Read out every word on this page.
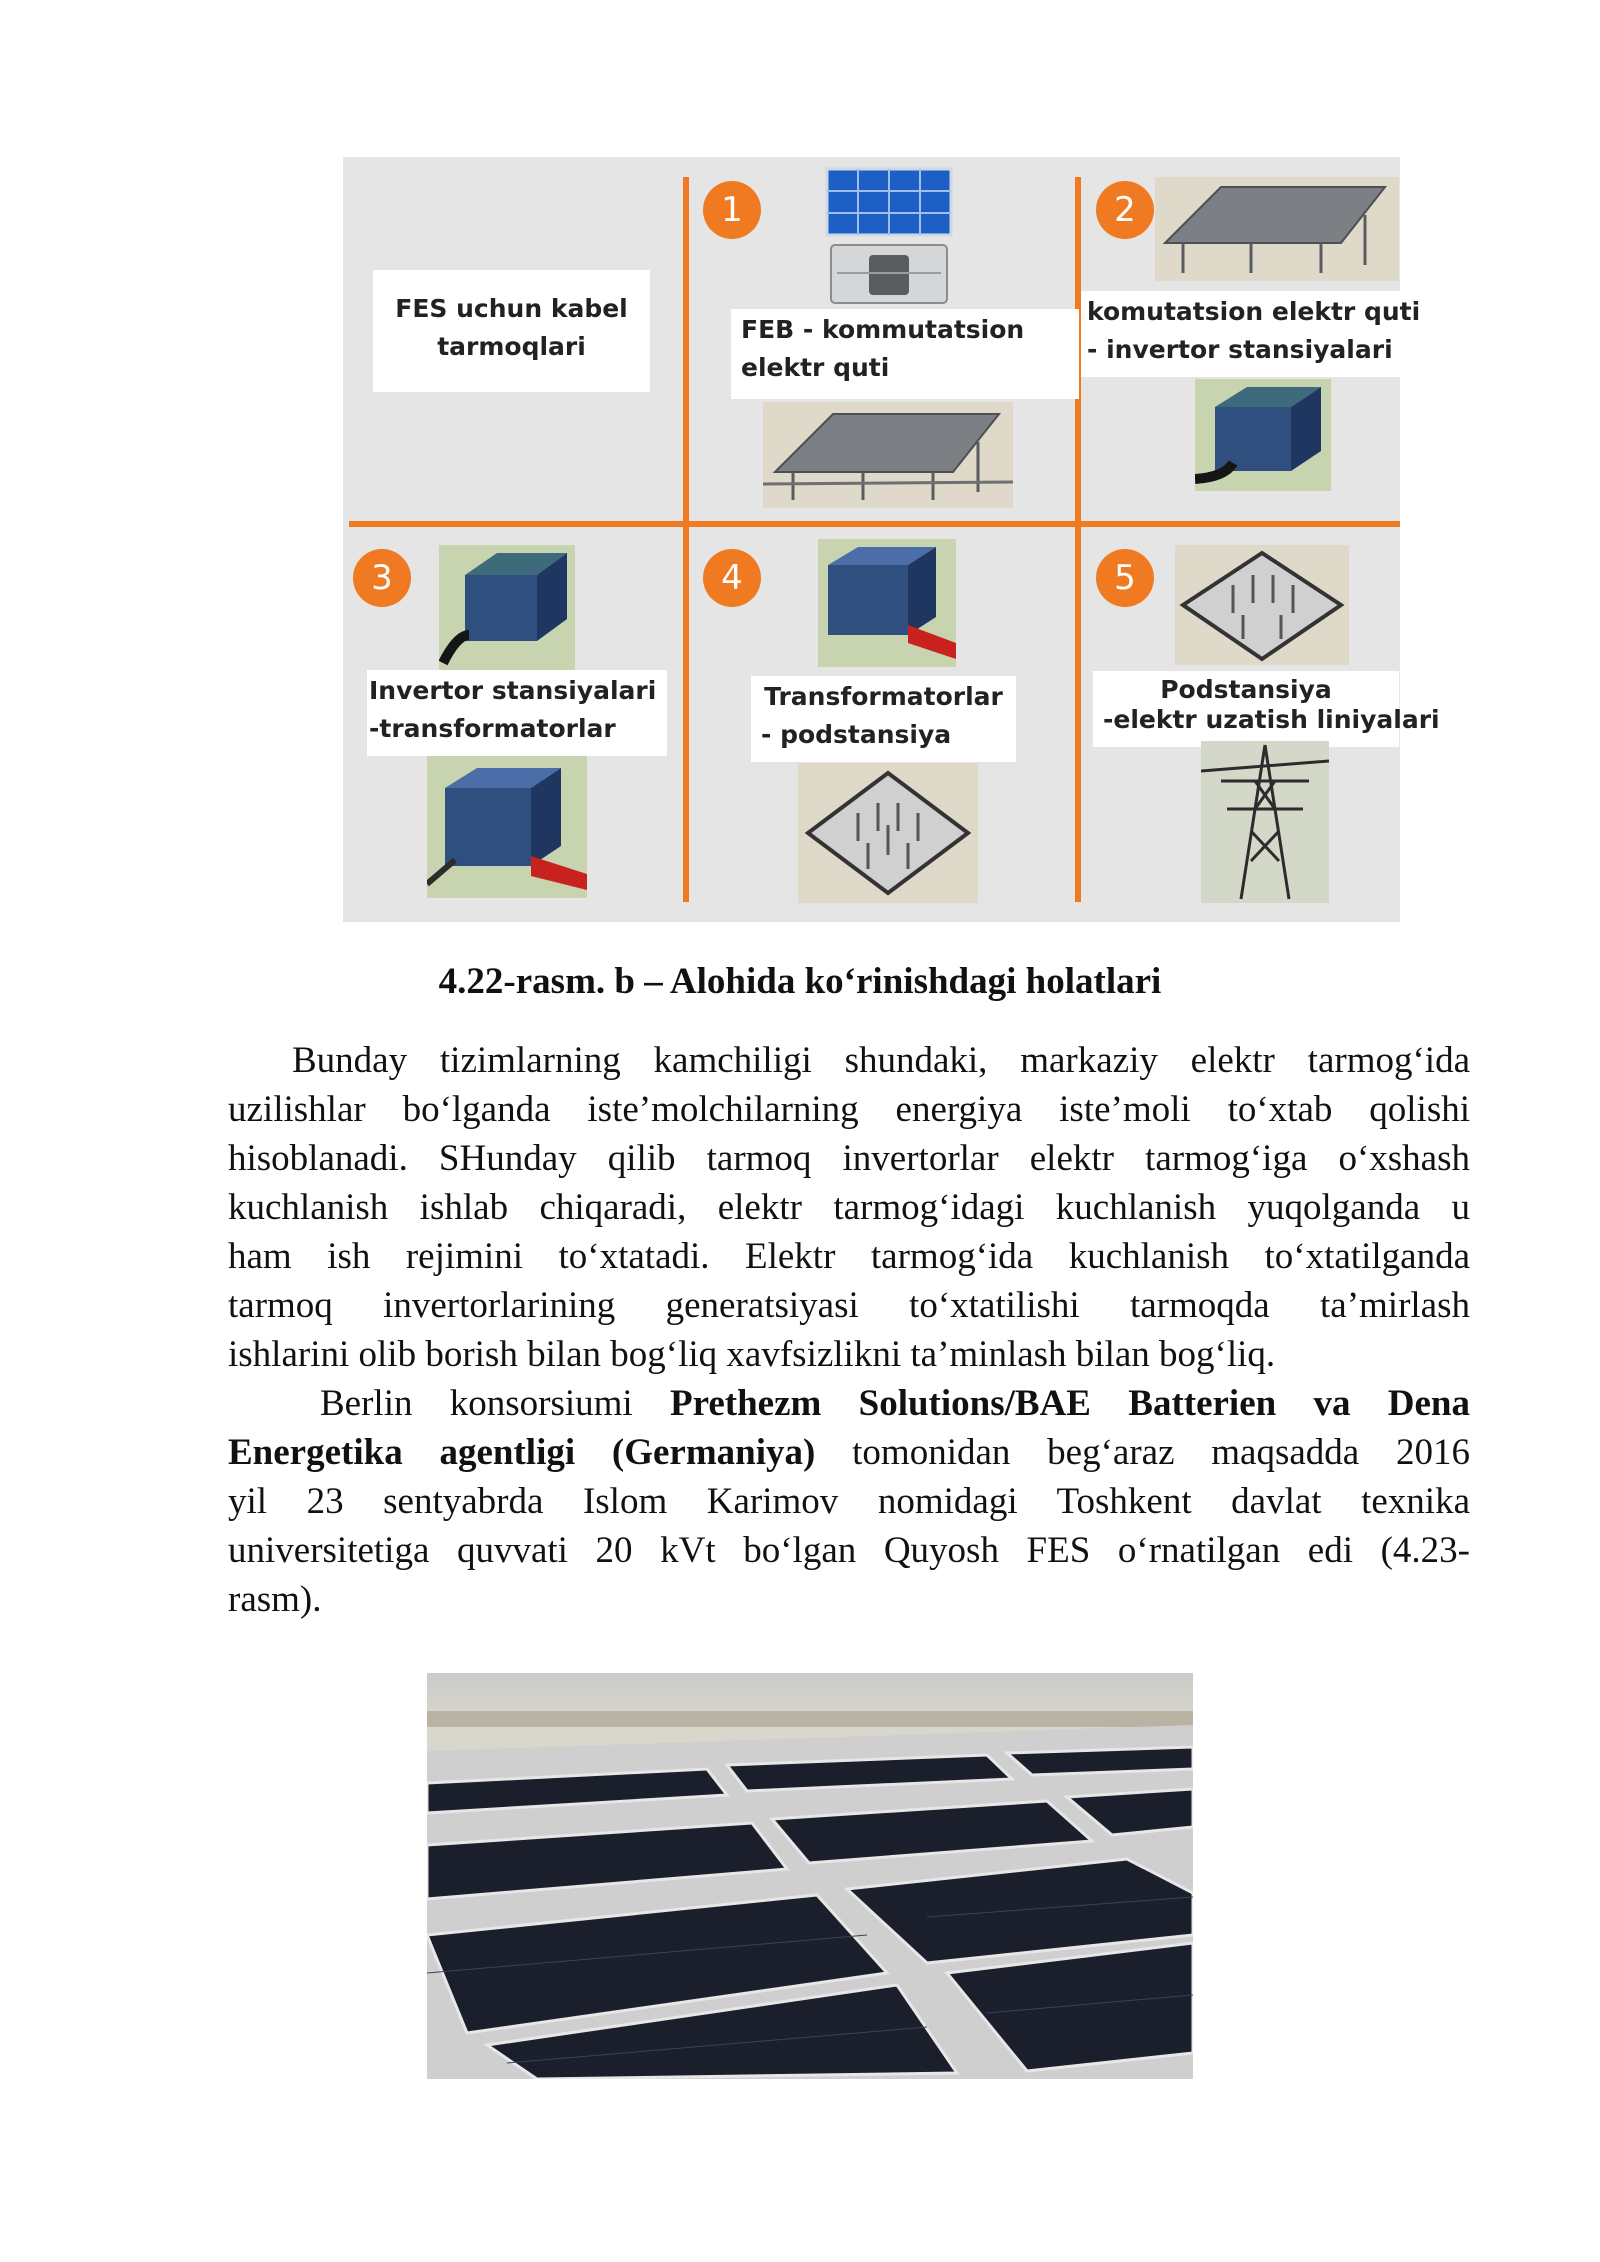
FES uchun kabel
tarmoqlari
1
FEB - kommutatsion
elektr quti
2
komutatsion elektr quti
- invertor stansiyalari
3
Invertor stansiyalari
-transformatorlar
4
Transformatorlar
- podstansiya
5
Podstansiya
-elektr uzatish liniyalari
4.22-rasm. b – Alohida koʻrinishdagi holatlari
Bunday tizimlarning kamchiligi shundaki, markaziy elektr tarmogʻida
uzilishlar boʻlganda isteʼmolchilarning energiya isteʼmoli toʻxtab qolishi
hisoblanadi. SHunday qilib tarmoq invertorlar elektr tarmogʻiga oʻxshash
kuchlanish ishlab chiqaradi, elektr tarmogʻidagi kuchlanish yuqolganda u
ham ish rejimini toʻxtatadi. Elektr tarmogʻida kuchlanish toʻxtatilganda
tarmoq invertorlarining generatsiyasi toʻxtatilishi tarmoqda taʼmirlash
ishlarini olib borish bilan bogʻliq xavfsizlikni taʼminlash bilan bogʻliq.
Berlin konsorsiumi Prethezm Solutions/BAE Batterien va Dena
Energetika agentligi (Germaniya) tomonidan begʻaraz maqsadda 2016
yil 23 sentyabrda Islom Karimov nomidagi Toshkent davlat texnika
universitetiga quvvati 20 kVt boʻlgan Quyosh FES oʻrnatilgan edi (4.23-
rasm).
